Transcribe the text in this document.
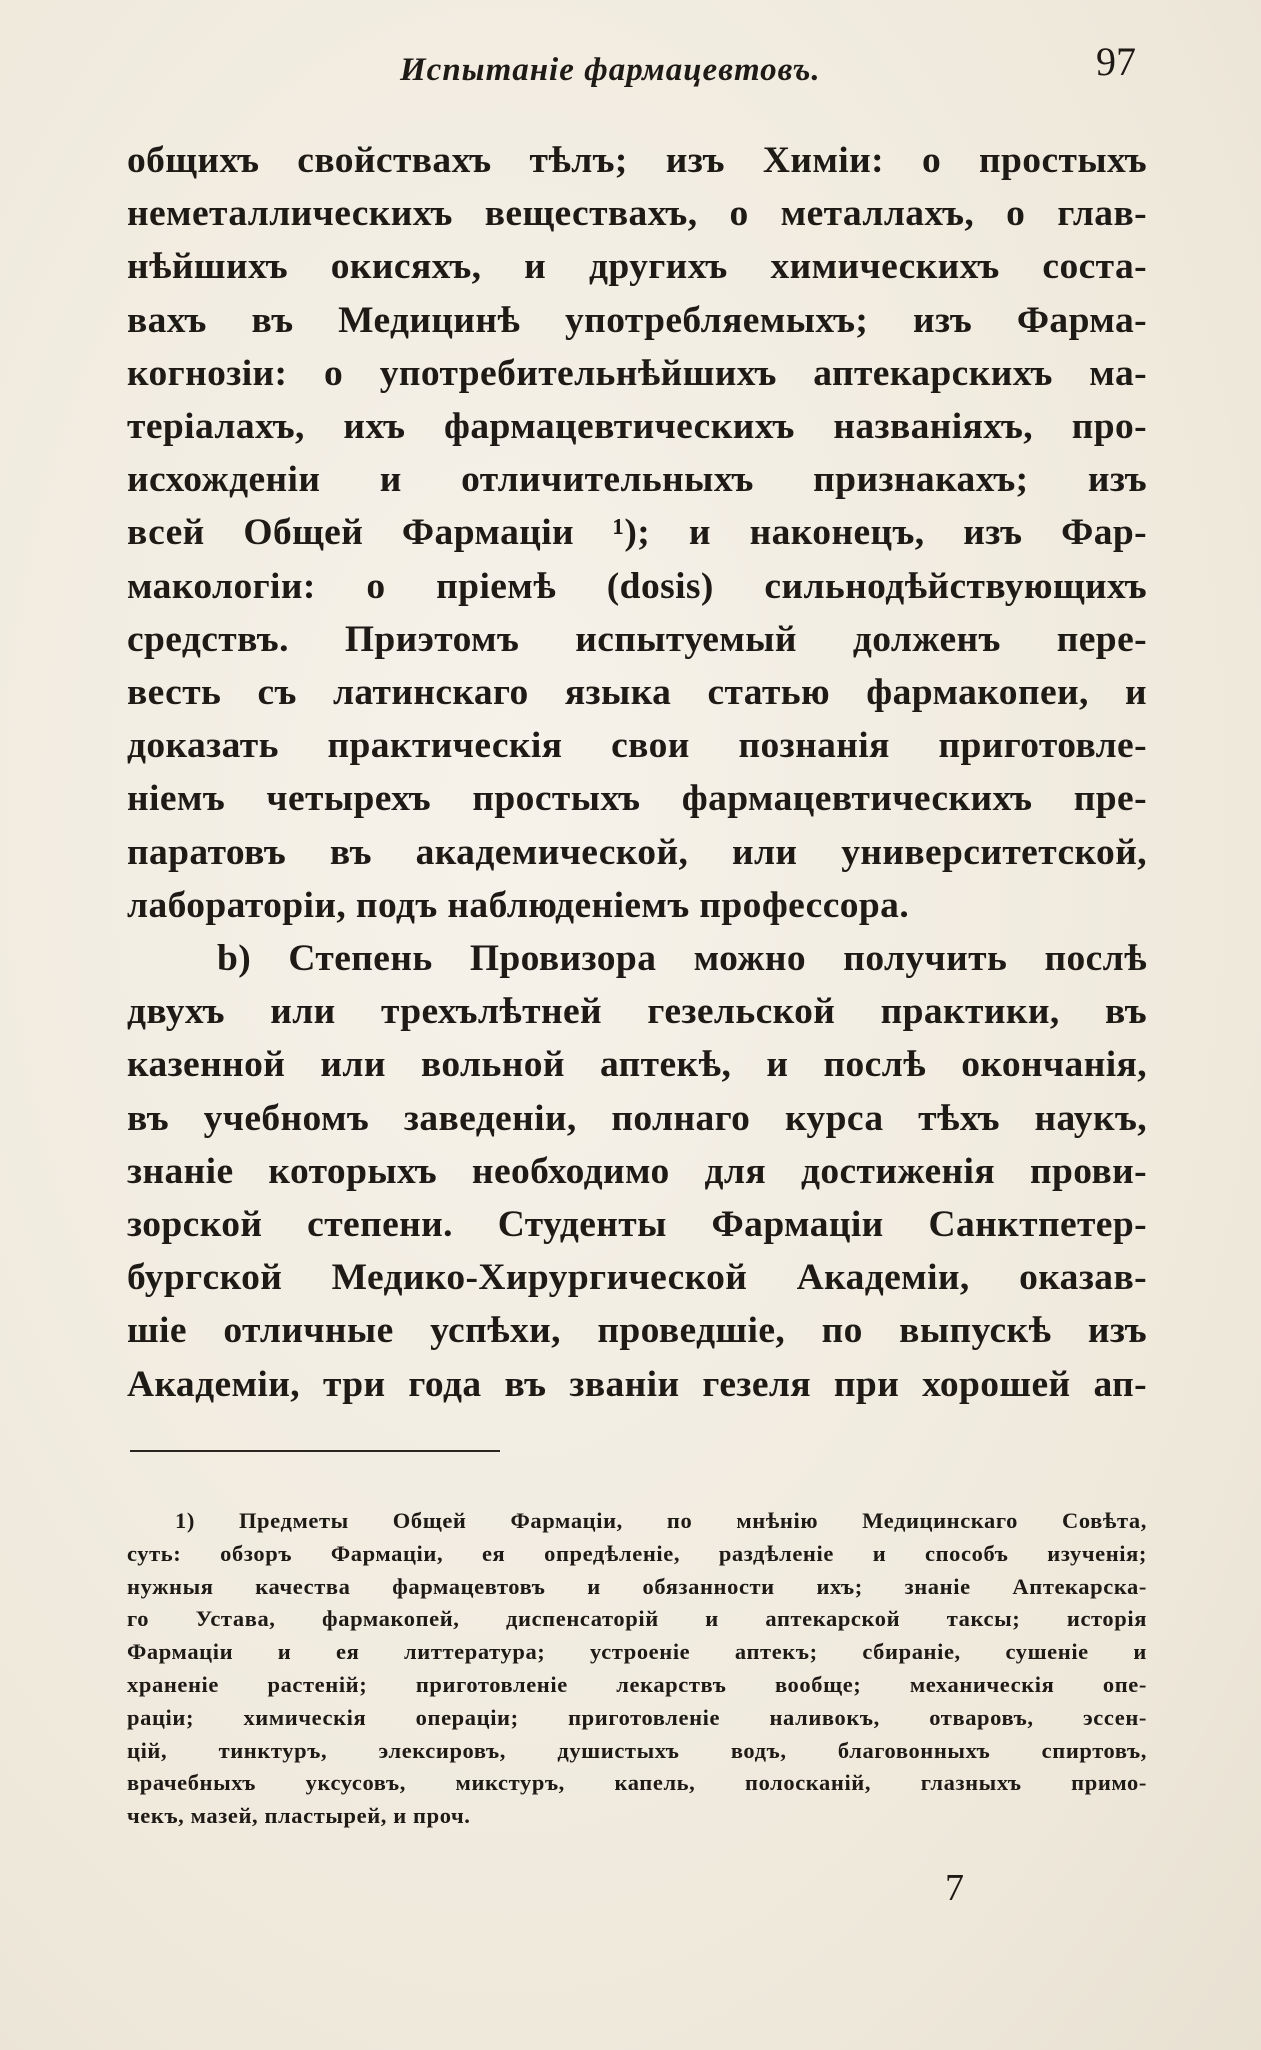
Испытаніе фармацевтовъ.	97
общихъ свойствахъ тѣлъ; изъ Химіи: о простыхъ
неметаллическихъ веществахъ, о металлахъ, о глав-
нѣйшихъ окисяхъ, и другихъ химическихъ соста-
вахъ въ Медицинѣ употребляемыхъ; изъ Фарма-
когнозіи: о употребительнѣйшихъ аптекарскихъ ма-
теріалахъ, ихъ фармацевтическихъ названіяхъ, про-
исхожденіи и отличительныхъ признакахъ; изъ
всей Общей Фармаціи ¹); и наконецъ, изъ Фар-
макологіи: о пріемѣ (dosis) сильнодѣйствующихъ
средствъ. Приэтомъ испытуемый долженъ пере-
весть съ латинскаго языка статью фармакопеи, и
доказать практическія свои познанія приготовле-
ніемъ четырехъ простыхъ фармацевтическихъ пре-
паратовъ въ академической, или университетской,
лабораторіи, подъ наблюденіемъ профессора.
b) Степень Провизора можно получить послѣ
двухъ или трехълѣтней гезельской практики, въ
казенной или вольной аптекѣ, и послѣ окончанія,
въ учебномъ заведеніи, полнаго курса тѣхъ наукъ,
знаніе которыхъ необходимо для достиженія прови-
зорской степени. Студенты Фармаціи Санктпетер-
бургской Медико-Хирургической Академіи, оказав-
шіе отличные успѣхи, проведшіе, по выпускѣ изъ
Академіи, три года въ званіи гезеля при хорошей ап-
1) Предметы Общей Фармаціи, по мнѣнію Медицинскаго Совѣта,
суть: обзоръ Фармаціи, ея опредѣленіе, раздѣленіе и способъ изученія;
нужныя качества фармацевтовъ и обязанности ихъ; знаніе Аптекарска-
го Устава, фармакопей, диспенсаторій и аптекарской таксы; исторія
Фармаціи и ея литтература; устроеніе аптекъ; сбираніе, сушеніе и
храненіе растеній; приготовленіе лекарствъ вообще; механическія опе-
раціи; химическія операціи; приготовленіе наливокъ, отваровъ, эссен-
цій, тинктуръ, элексировъ, душистыхъ водъ, благовонныхъ спиртовъ,
врачебныхъ уксусовъ, микстуръ, капель, полосканій, глазныхъ примо-
чекъ, мазей, пластырей, и проч.
7
